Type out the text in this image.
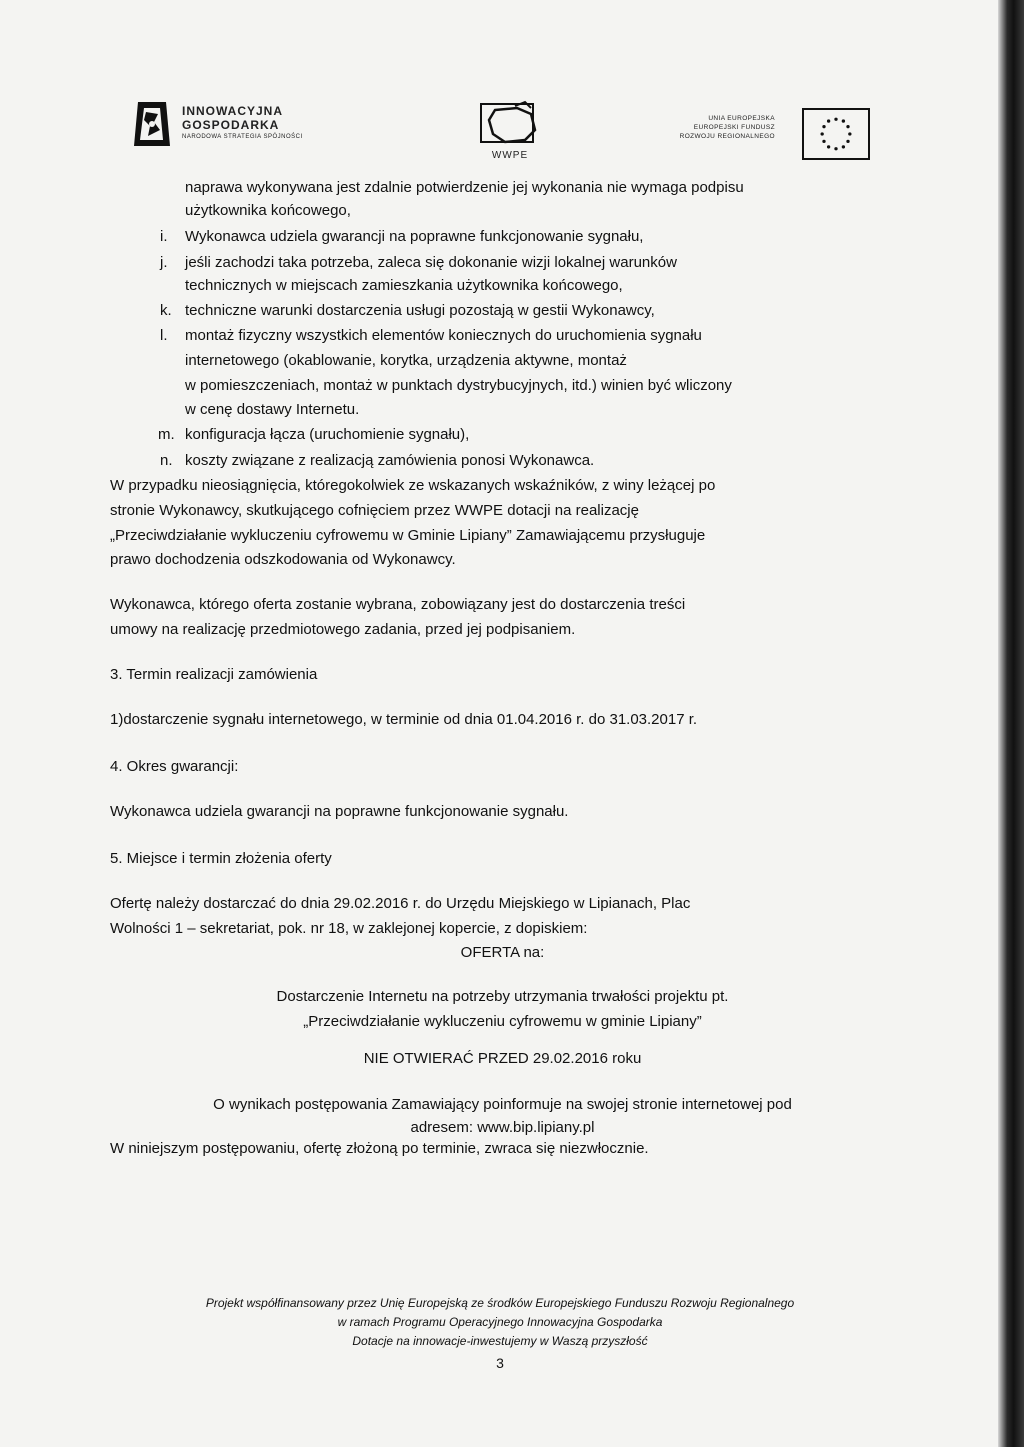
INNOWACYJNA
GOSPODARKA
NARODOWA STRATEGIA SPÓJNOŚCI
WWPE
UNIA EUROPEJSKA
EUROPEJSKI FUNDUSZ
ROZWOJU REGIONALNEGO

naprawa wykonywana jest zdalnie potwierdzenie jej wykonania nie wymaga podpisu

użytkownika końcowego,

i. Wykonawca udziela gwarancji na poprawne funkcjonowanie sygnału,

j. jeśli zachodzi taka potrzeba, zaleca się dokonanie wizji lokalnej warunków

technicznych w miejscach zamieszkania użytkownika końcowego,

k. techniczne warunki dostarczenia usługi pozostają w gestii Wykonawcy,

l. montaż fizyczny wszystkich elementów koniecznych do uruchomienia sygnału

internetowego (okablowanie, korytka, urządzenia aktywne, montaż

w pomieszczeniach, montaż w punktach dystrybucyjnych, itd.) winien być wliczony

w cenę dostawy Internetu.

m. konfiguracja łącza (uruchomienie sygnału),

n. koszty związane z realizacją zamówienia ponosi Wykonawca.

W przypadku nieosiągnięcia, któregokolwiek ze wskazanych wskaźników, z winy leżącej po

stronie Wykonawcy, skutkującego cofnięciem przez WWPE dotacji na realizację

„Przeciwdziałanie wykluczeniu cyfrowemu w Gminie Lipiany” Zamawiającemu przysługuje

prawo dochodzenia odszkodowania od Wykonawcy.

Wykonawca, którego oferta zostanie wybrana, zobowiązany jest do dostarczenia treści

umowy na realizację przedmiotowego zadania, przed jej podpisaniem.

3. Termin realizacji zamówienia

1)dostarczenie sygnału internetowego, w terminie od dnia 01.04.2016 r. do 31.03.2017 r.

4. Okres gwarancji:

Wykonawca udziela gwarancji na poprawne funkcjonowanie sygnału.

5. Miejsce i termin złożenia oferty

Ofertę należy dostarczać do dnia 29.02.2016 r. do Urzędu Miejskiego w Lipianach, Plac

Wolności 1 – sekretariat, pok. nr 18, w zaklejonej kopercie, z dopiskiem:

OFERTA na:

Dostarczenie Internetu na potrzeby utrzymania trwałości projektu pt.

„Przeciwdziałanie wykluczeniu cyfrowemu w gminie Lipiany”

NIE OTWIERAĆ PRZED 29.02.2016 roku

O wynikach postępowania Zamawiający poinformuje na swojej stronie internetowej pod

adresem: www.bip.lipiany.pl

W niniejszym postępowaniu, ofertę złożoną po terminie, zwraca się niezwłocznie.

Projekt współfinansowany przez Unię Europejską ze środków Europejskiego Funduszu Rozwoju Regionalnego
w ramach Programu Operacyjnego Innowacyjna Gospodarka
Dotacje na innowacje-inwestujemy w Waszą przyszłość
3
